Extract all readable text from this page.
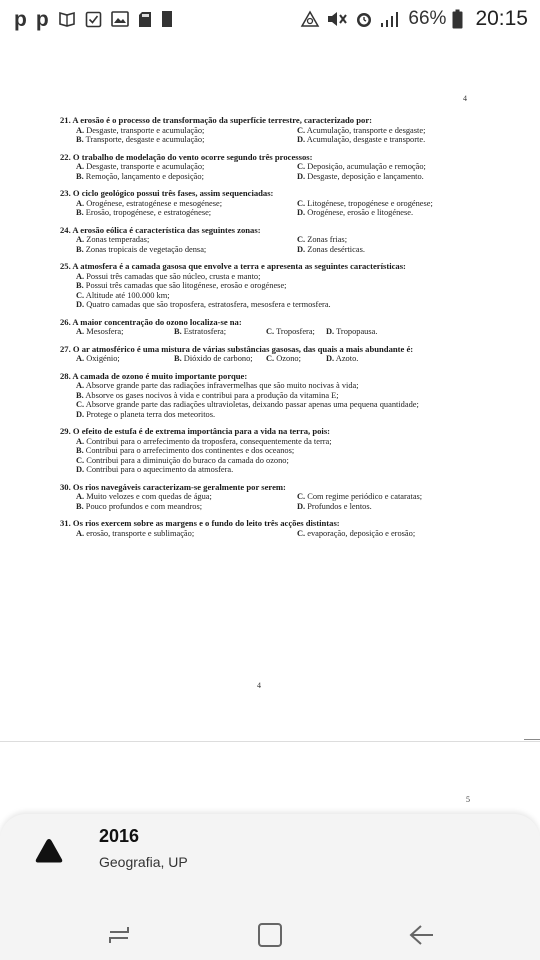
p p	66% 20:15
4
21. A erosão é o processo de transformação da superfície terrestre, caracterizado por:
A. Desgaste, transporte e acumulação;	C. Acumulação, transporte e desgaste;
B. Transporte, desgaste e acumulação;	D. Acumulação, desgaste e transporte.
22. O trabalho de modelação do vento ocorre segundo três processos:
A. Desgaste, transporte e acumulação;	C. Deposição, acumulação e remoção;
B. Remoção, lançamento e deposição;	D. Desgaste, deposição e lançamento.
23. O ciclo geológico possui três fases, assim sequenciadas:
A. Orogénese, estratogénese e mesogénese;	C. Litogénese, tropogénese e orogénese;
B. Erosão, tropogénese, e estratogénese;	D. Orogénese, erosão e litogénese.
24. A erosão eólica é característica das seguintes zonas:
A. Zonas temperadas;	C. Zonas frias;
B. Zonas tropicais de vegetação densa;	D. Zonas desérticas.
25. A atmosfera é a camada gasosa que envolve a terra e apresenta as seguintes características:
A. Possui três camadas que são núcleo, crusta e manto;
B. Possui três camadas que são litogénese, erosão e orogénese;
C. Altitude até 100.000 km;
D. Quatro camadas que são troposfera, estratosfera, mesosfera e termosfera.
26. A maior concentração do ozono localiza-se na:
A. Mesosfera;	B. Estratosfera;	C. Troposfera;	D. Tropopausa.
27. O ar atmosférico é uma mistura de várias substâncias gasosas, das quais a mais abundante é:
A. Oxigénio;	B. Dióxido de carbono;	C. Ozono;	D. Azoto.
28. A camada de ozono é muito importante porque:
A. Absorve grande parte das radiações infravermelhas que são muito nocivas à vida;
B. Absorve os gases nocivos à vida e contribui para a produção da vitamina E;
C. Absorve grande parte das radiações ultravioletas, deixando passar apenas uma pequena quantidade;
D. Protege o planeta terra dos meteoritos.
29. O efeito de estufa é de extrema importância para a vida na terra, pois:
A. Contribui para o arrefecimento da troposfera, consequentemente da terra;
B. Contribui para o arrefecimento dos continentes e dos oceanos;
C. Contribui para a diminuição do buraco da camada do ozono;
D. Contribui para o aquecimento da atmosfera.
30. Os rios navegáveis caracterizam-se geralmente por serem:
A. Muito velozes e com quedas de água;	C. Com regime periódico e cataratas;
B. Pouco profundos e com meandros;	D. Profundos e lentos.
31. Os rios exercem sobre as margens e o fundo do leito três acções distintas:
A. erosão, transporte e sublimação;	C. evaporação, deposição e erosão;
4
5
2016
Geografia, UP
